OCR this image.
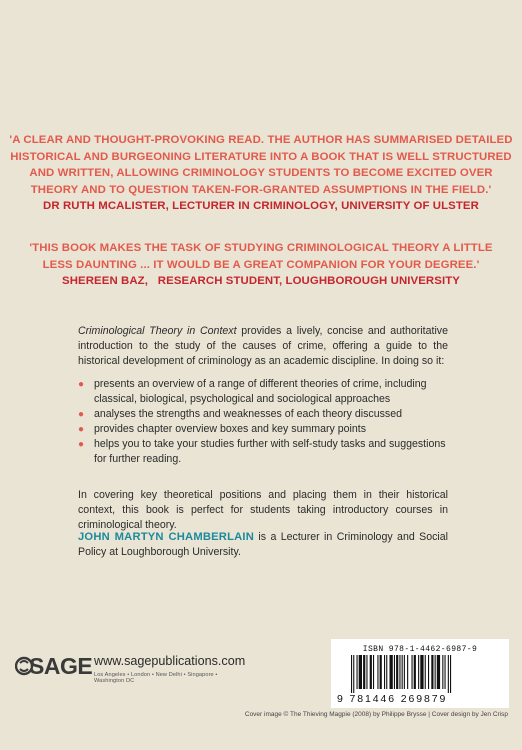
'A CLEAR AND THOUGHT-PROVOKING READ. THE AUTHOR HAS SUMMARISED DETAILED
HISTORICAL AND BURGEONING LITERATURE INTO A BOOK THAT IS WELL STRUCTURED
AND WRITTEN, ALLOWING CRIMINOLOGY STUDENTS TO BECOME EXCITED OVER
THEORY AND TO QUESTION TAKEN-FOR-GRANTED ASSUMPTIONS IN THE FIELD.'
DR RUTH MCALISTER, LECTURER IN CRIMINOLOGY, UNIVERSITY OF ULSTER
'THIS BOOK MAKES THE TASK OF STUDYING CRIMINOLOGICAL THEORY A LITTLE
LESS DAUNTING ... IT WOULD BE A GREAT COMPANION FOR YOUR DEGREE.'
SHEREEN BAZ,   RESEARCH STUDENT, LOUGHBOROUGH UNIVERSITY

Criminological Theory in Context provides a lively, concise and authoritative introduction to the study of the causes of crime, offering a guide to the historical development of criminology as an academic discipline. In doing so it:

● presents an overview of a range of different theories of crime, including classical, biological, psychological and sociological approaches
● analyses the strengths and weaknesses of each theory discussed
● provides chapter overview boxes and key summary points
● helps you to take your studies further with self-study tasks and suggestions for further reading.

In covering key theoretical positions and placing them in their historical context, this book is perfect for students taking introductory courses in criminological theory.

JOHN MARTYN CHAMBERLAIN is a Lecturer in Criminology and Social Policy at Loughborough University.

SAGE www.sagepublications.com
Los Angeles • London • New Delhi • Singapore • Washington DC
ISBN 978-1-4462-6987-9
9 781446 269879
Cover image © The Thieving Magpie (2008) by Philippe Brysse | Cover design by Jen Crisp
